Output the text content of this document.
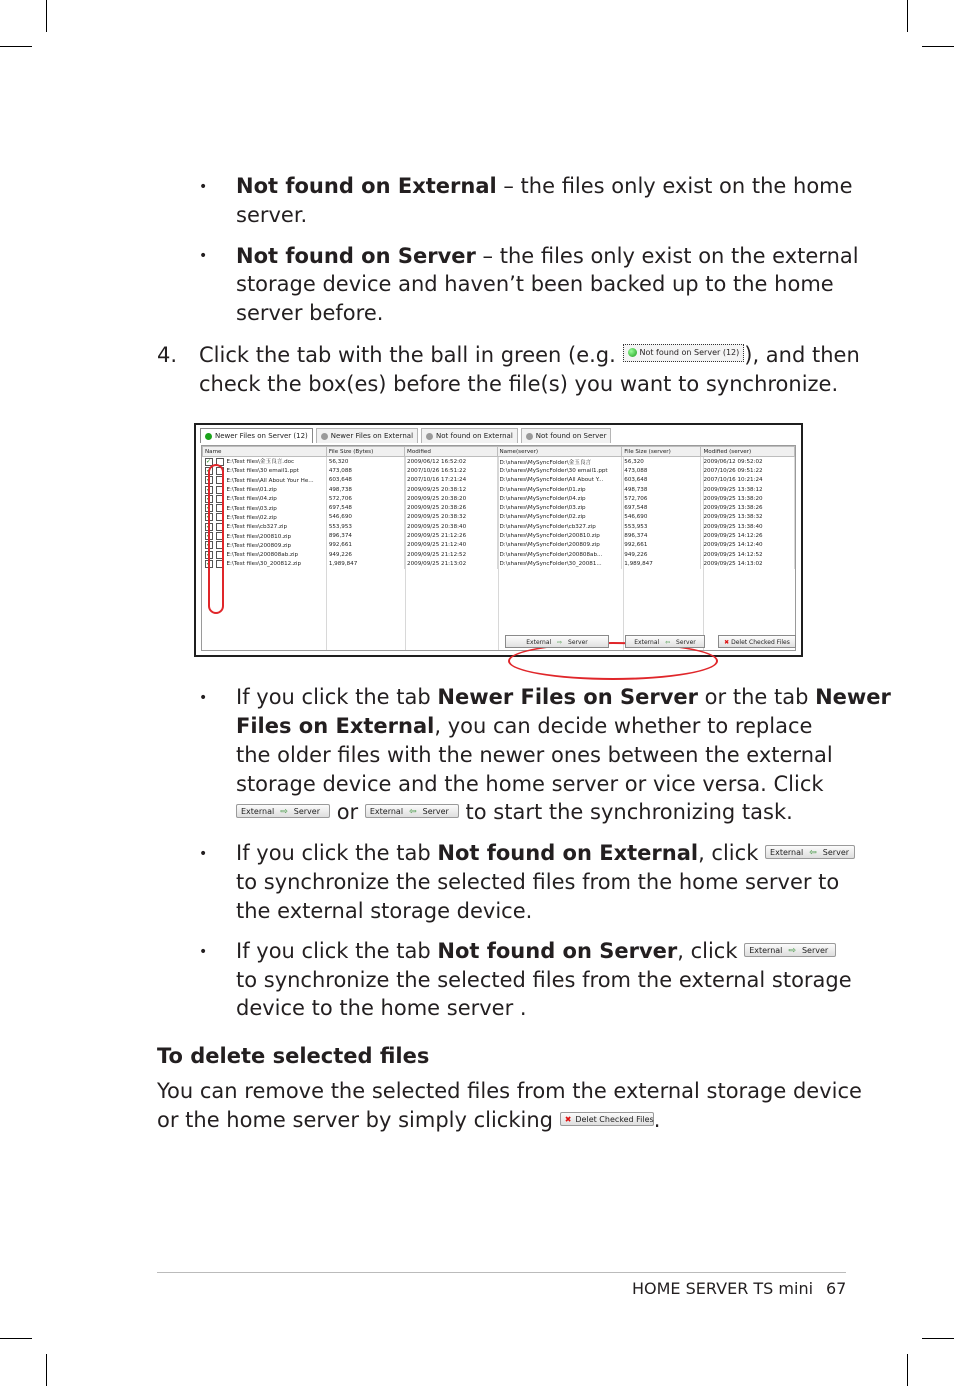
• Not found on External – the files only exist on the home
server.
• Not found on Server – the files only exist on the external
storage device and haven’t been backed up to the home
server before.
4. Click the tab with the ball in green (e.g.	Not found on Server (12) ), and then
check the box(es) before the file(s) you want to synchronize.
Newer Files on Server (12)	Newer Files on External	Not found on External	Not found on Server
Name	File Size (Bytes)	Modified	Name(server)	File Size (server)	Modified (server)
✓ E:\Test files\金玉良言.doc	56,320	2009/06/12 16:52:02	D:\shares\MySyncFolder\金玉良言	56,320	2009/06/12 09:52:02
✓ E:\Test files\30 email1.ppt	473,088	2007/10/26 16:51:22	D:\shares\MySyncFolder\30 email1.ppt	473,088	2007/10/26 09:51:22
✓ E:\Test files\All About Your He...	603,648	2007/10/16 17:21:24	D:\shares\MySyncFolder\All About Y...	603,648	2007/10/16 10:21:24
✓ E:\Test files\01.zip	498,738	2009/09/25 20:38:12	D:\shares\MySyncFolder\01.zip	498,738	2009/09/25 13:38:12
✓ E:\Test files\04.zip	572,706	2009/09/25 20:38:20	D:\shares\MySyncFolder\04.zip	572,706	2009/09/25 13:38:20
✓ E:\Test files\03.zip	697,548	2009/09/25 20:38:26	D:\shares\MySyncFolder\03.zip	697,548	2009/09/25 13:38:26
✓ E:\Test files\02.zip	546,690	2009/09/25 20:38:32	D:\shares\MySyncFolder\02.zip	546,690	2009/09/25 13:38:32
✓ E:\Test files\cb327.zip	553,953	2009/09/25 20:38:40	D:\shares\MySyncFolder\cb327.zip	553,953	2009/09/25 13:38:40
✓ E:\Test files\200810.zip	896,374	2009/09/25 21:12:26	D:\shares\MySyncFolder\200810.zip	896,374	2009/09/25 14:12:26
✓ E:\Test files\200809.zip	992,661	2009/09/25 21:12:40	D:\shares\MySyncFolder\200809.zip	992,661	2009/09/25 14:12:40
✓ E:\Test files\200808ab.zip	949,226	2009/09/25 21:12:52	D:\shares\MySyncFolder\200808ab...	949,226	2009/09/25 14:12:52
✓ E:\Test files\30_200812.zip	1,989,847	2009/09/25 21:13:02	D:\shares\MySyncFolder\30_20081...	1,989,847	2009/09/25 14:13:02
External ⇨ Server	External ⇦ Server	✖ Delet Checked Files
• If you click the tab Newer Files on Server or the tab Newer
Files on External, you can decide whether to replace
the older files with the newer ones between the external
storage device and the home server or vice versa. Click
External ⇨ Server or External ⇦ Server to start the synchronizing task.
• If you click the tab Not found on External, click External ⇦ Server
to synchronize the selected files from the home server to
the external storage device.
• If you click the tab Not found on Server, click External ⇨ Server
to synchronize the selected files from the external storage
device to the home server .
To delete selected files
You can remove the selected files from the external storage device
or the home server by simply clicking ✖ Delet Checked Files.
HOME SERVER TS mini 67
